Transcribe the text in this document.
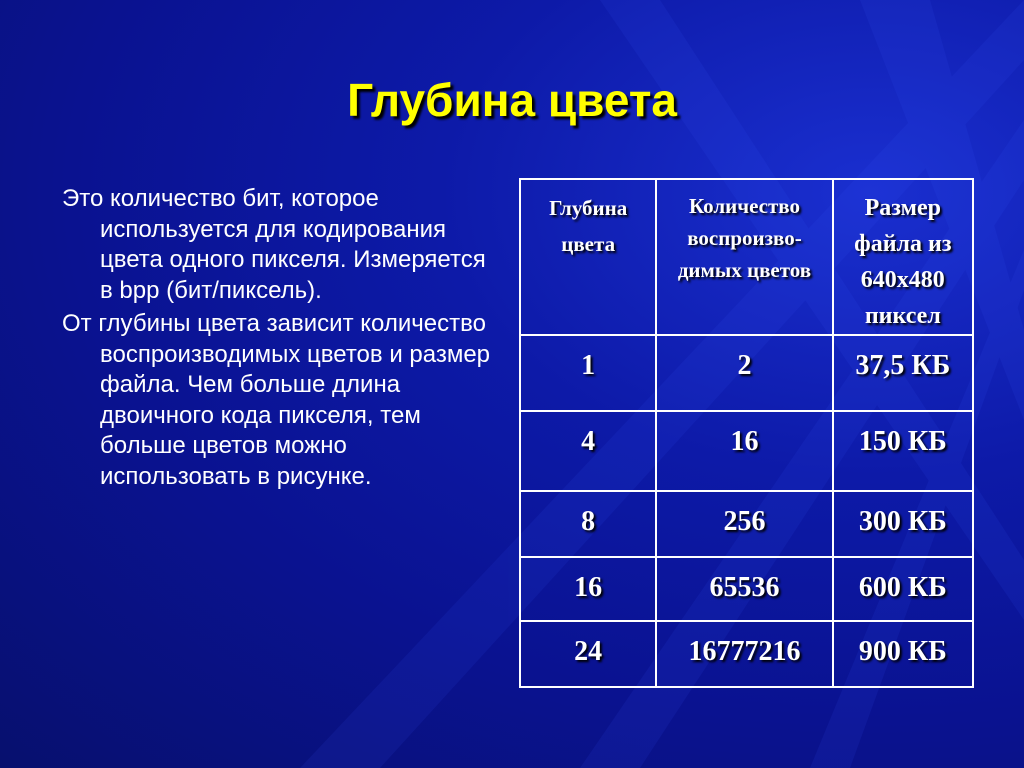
Глубина цвета

Это количество бит, которое используется для кодирования цвета одного пикселя. Измеряется в bpp (бит/пиксель).

От глубины цвета зависит количество воспроизводимых цветов и размер файла. Чем больше длина двоичного кода пикселя, тем больше цветов можно использовать в рисунке.

Глубина цвета	Количество воспроизво-димых цветов	Размер файла из 640х480 пиксел
1	2	37,5 КБ
4	16	150 КБ
8	256	300 КБ
16	65536	600 КБ
24	16777216	900 КБ
